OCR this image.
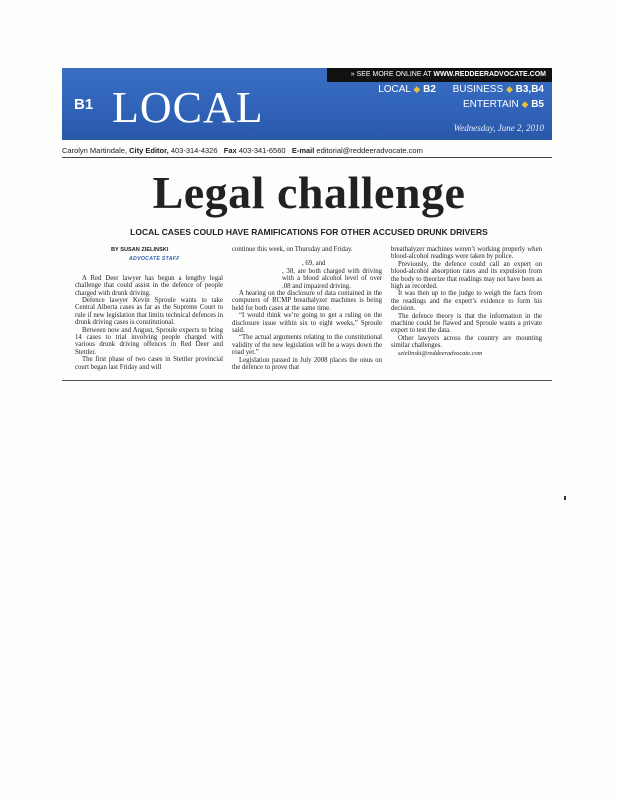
» SEE MORE ONLINE AT WWW.REDDEERADVOCATE.COM
B1 LOCAL	LOCAL ◆ B2 BUSINESS ◆ B3,B4
ENTERTAIN ◆ B5
Wednesday, June 2, 2010
Carolyn Martindale, City Editor, 403-314-4326 Fax 403-341-6560 E-mail editorial@reddeeradvocate.com
Legal challenge
LOCAL CASES COULD HAVE RAMIFICATIONS FOR OTHER ACCUSED DRUNK DRIVERS
BY SUSAN ZIELINSKI
ADVOCATE STAFF

A Red Deer lawyer has begun a lengthy legal challenge that could assist in the defence of people charged with drunk driving.

Defence lawyer Kevin Sproule wants to take Central Alberta cases as far as the Supreme Court to rule if new legislation that limits technical defences in drunk driving cases is constitutional.

Between now and August, Sproule expects to bring 14 cases to trial involving people charged with various drunk driving offences in Red Deer and Stettler.

The first phase of two cases in Stettler provincial court began last Friday and will

continue this week, on Thursday and Friday.

, 69, and

, 38, are both charged with driving with a blood alcohol level of over .08 and impaired driving.

A hearing on the disclosure of data contained in the computers of RCMP breathalyzer machines is being held for both cases at the same time.

“I would think we’re going to get a ruling on the disclosure issue within six to eight weeks,” Sproule said.

“The actual arguments relating to the constitutional validity of the new legislation will be a ways down the road yet.”

Legislation passed in July 2008 places the onus on the defence to prove that

breathalyzer machines weren’t working properly when blood-alcohol readings were taken by police.

Previously, the defence could call an expert on blood-alcohol absorption rates and its expulsion from the body to theorize that readings may not have been as high as recorded.

It was then up to the judge to weigh the facts from the readings and the expert’s evidence to form his decision.

The defence theory is that the information in the machine could be flawed and Sproule wants a private expert to test the data.

Other lawyers across the country are mounting similar challenges.

szielinski@reddeeradvocate.com
